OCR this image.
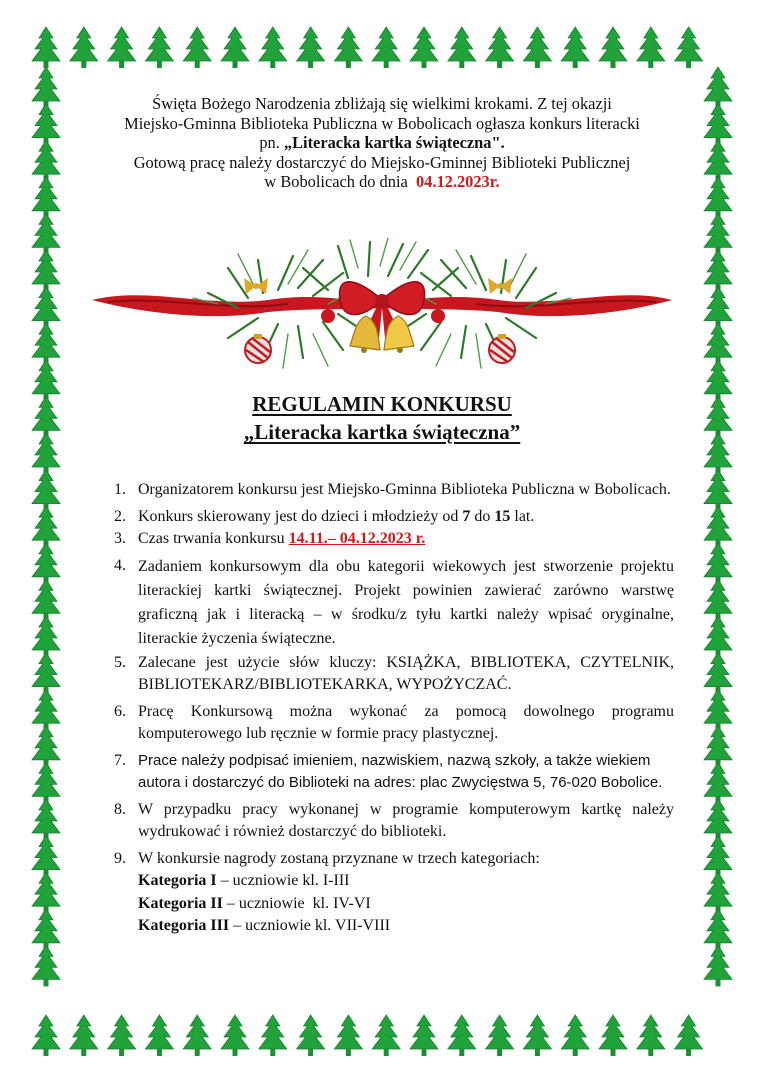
Święta Bożego Narodzenia zbliżają się wielkimi krokami. Z tej okazji
Miejsko-Gminna Biblioteka Publiczna w Bobolicach ogłasza konkurs literacki
pn. „Literacka kartka świąteczna".
Gotową pracę należy dostarczyć do Miejsko-Gminnej Biblioteki Publicznej
w Bobolicach do dnia  04.12.2023r.
REGULAMIN KONKURSU
„Literacka kartka świąteczna”
1. Organizatorem konkursu jest Miejsko-Gminna Biblioteka Publiczna w Bobolicach.
2. Konkurs skierowany jest do dzieci i młodzieży od 7 do 15 lat.
3. Czas trwania konkursu 14.11.– 04.12.2023 r.
4. Zadaniem konkursowym dla obu kategorii wiekowych jest stworzenie projektu literackiej kartki świątecznej. Projekt powinien zawierać zarówno warstwę graficzną jak i literacką – w środku/z tyłu kartki należy wpisać oryginalne, literackie życzenia świąteczne.
5. Zalecane jest użycie słów kluczy: KSIĄŻKA, BIBLIOTEKA, CZYTELNIK, BIBLIOTEKARZ/BIBLIOTEKARKA, WYPOŻYCZAĆ.
6. Pracę Konkursową można wykonać za pomocą dowolnego programu komputerowego lub ręcznie w formie pracy plastycznej.
7. Prace należy podpisać imieniem, nazwiskiem, nazwą szkoły, a także wiekiem autora i dostarczyć do Biblioteki na adres: plac Zwycięstwa 5, 76-020 Bobolice.
8. W przypadku pracy wykonanej w programie komputerowym kartkę należy wydrukować i również dostarczyć do biblioteki.
9. W konkursie nagrody zostaną przyznane w trzech kategoriach:
Kategoria I – uczniowie kl. I-III
Kategoria II – uczniowie  kl. IV-VI
Kategoria III – uczniowie kl. VII-VIII
